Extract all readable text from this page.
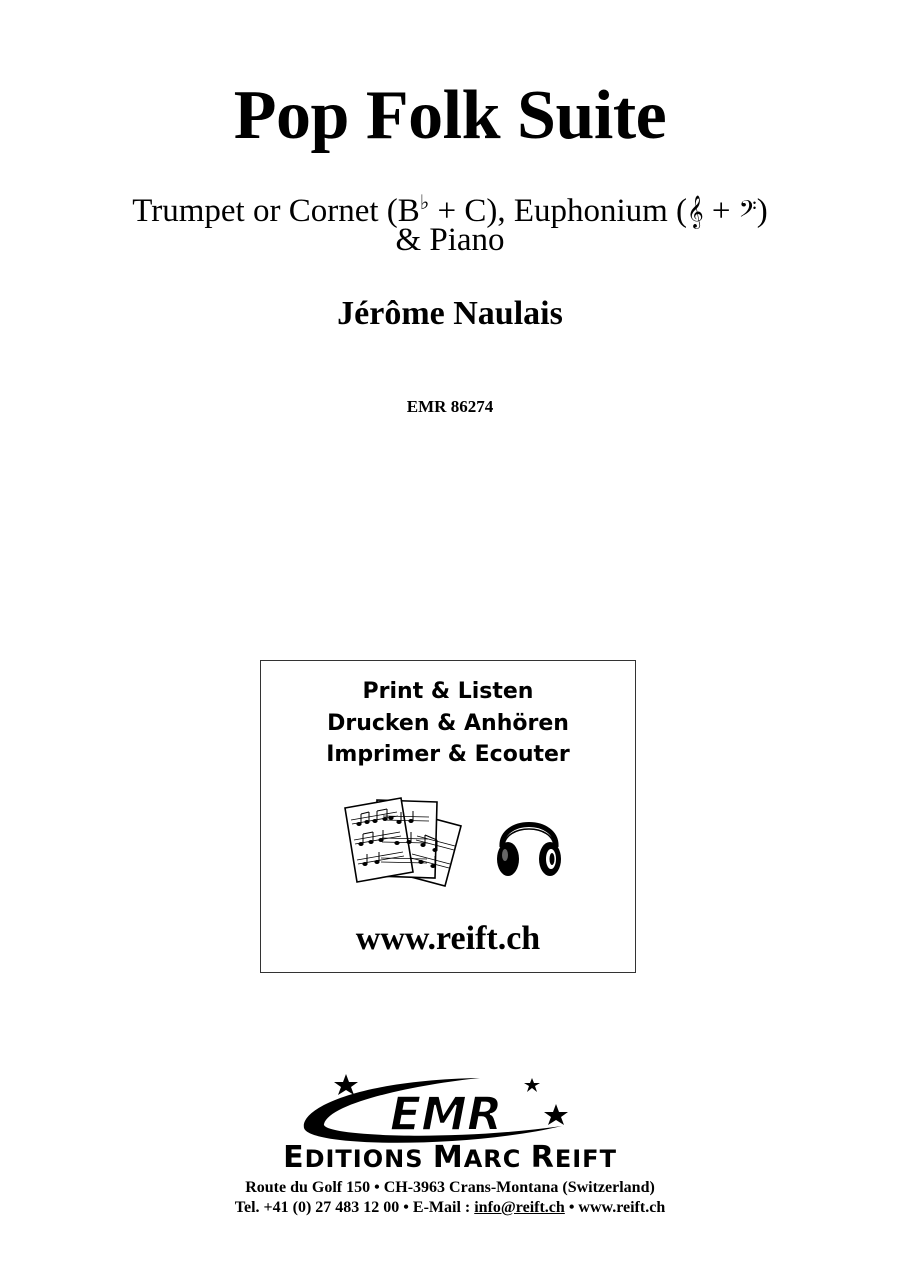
Pop Folk Suite
Trumpet or Cornet (B♭ + C), Euphonium (𝄞 + 𝄢)
& Piano
Jérôme Naulais
EMR 86274
Print & Listen
Drucken & Anhören
Imprimer & Ecouter
www.reift.ch
EMR
EDITIONS MARC REIFT
Route du Golf 150 • CH-3963 Crans-Montana (Switzerland)
Tel. +41 (0) 27 483 12 00 • E-Mail : info@reift.ch • www.reift.ch
